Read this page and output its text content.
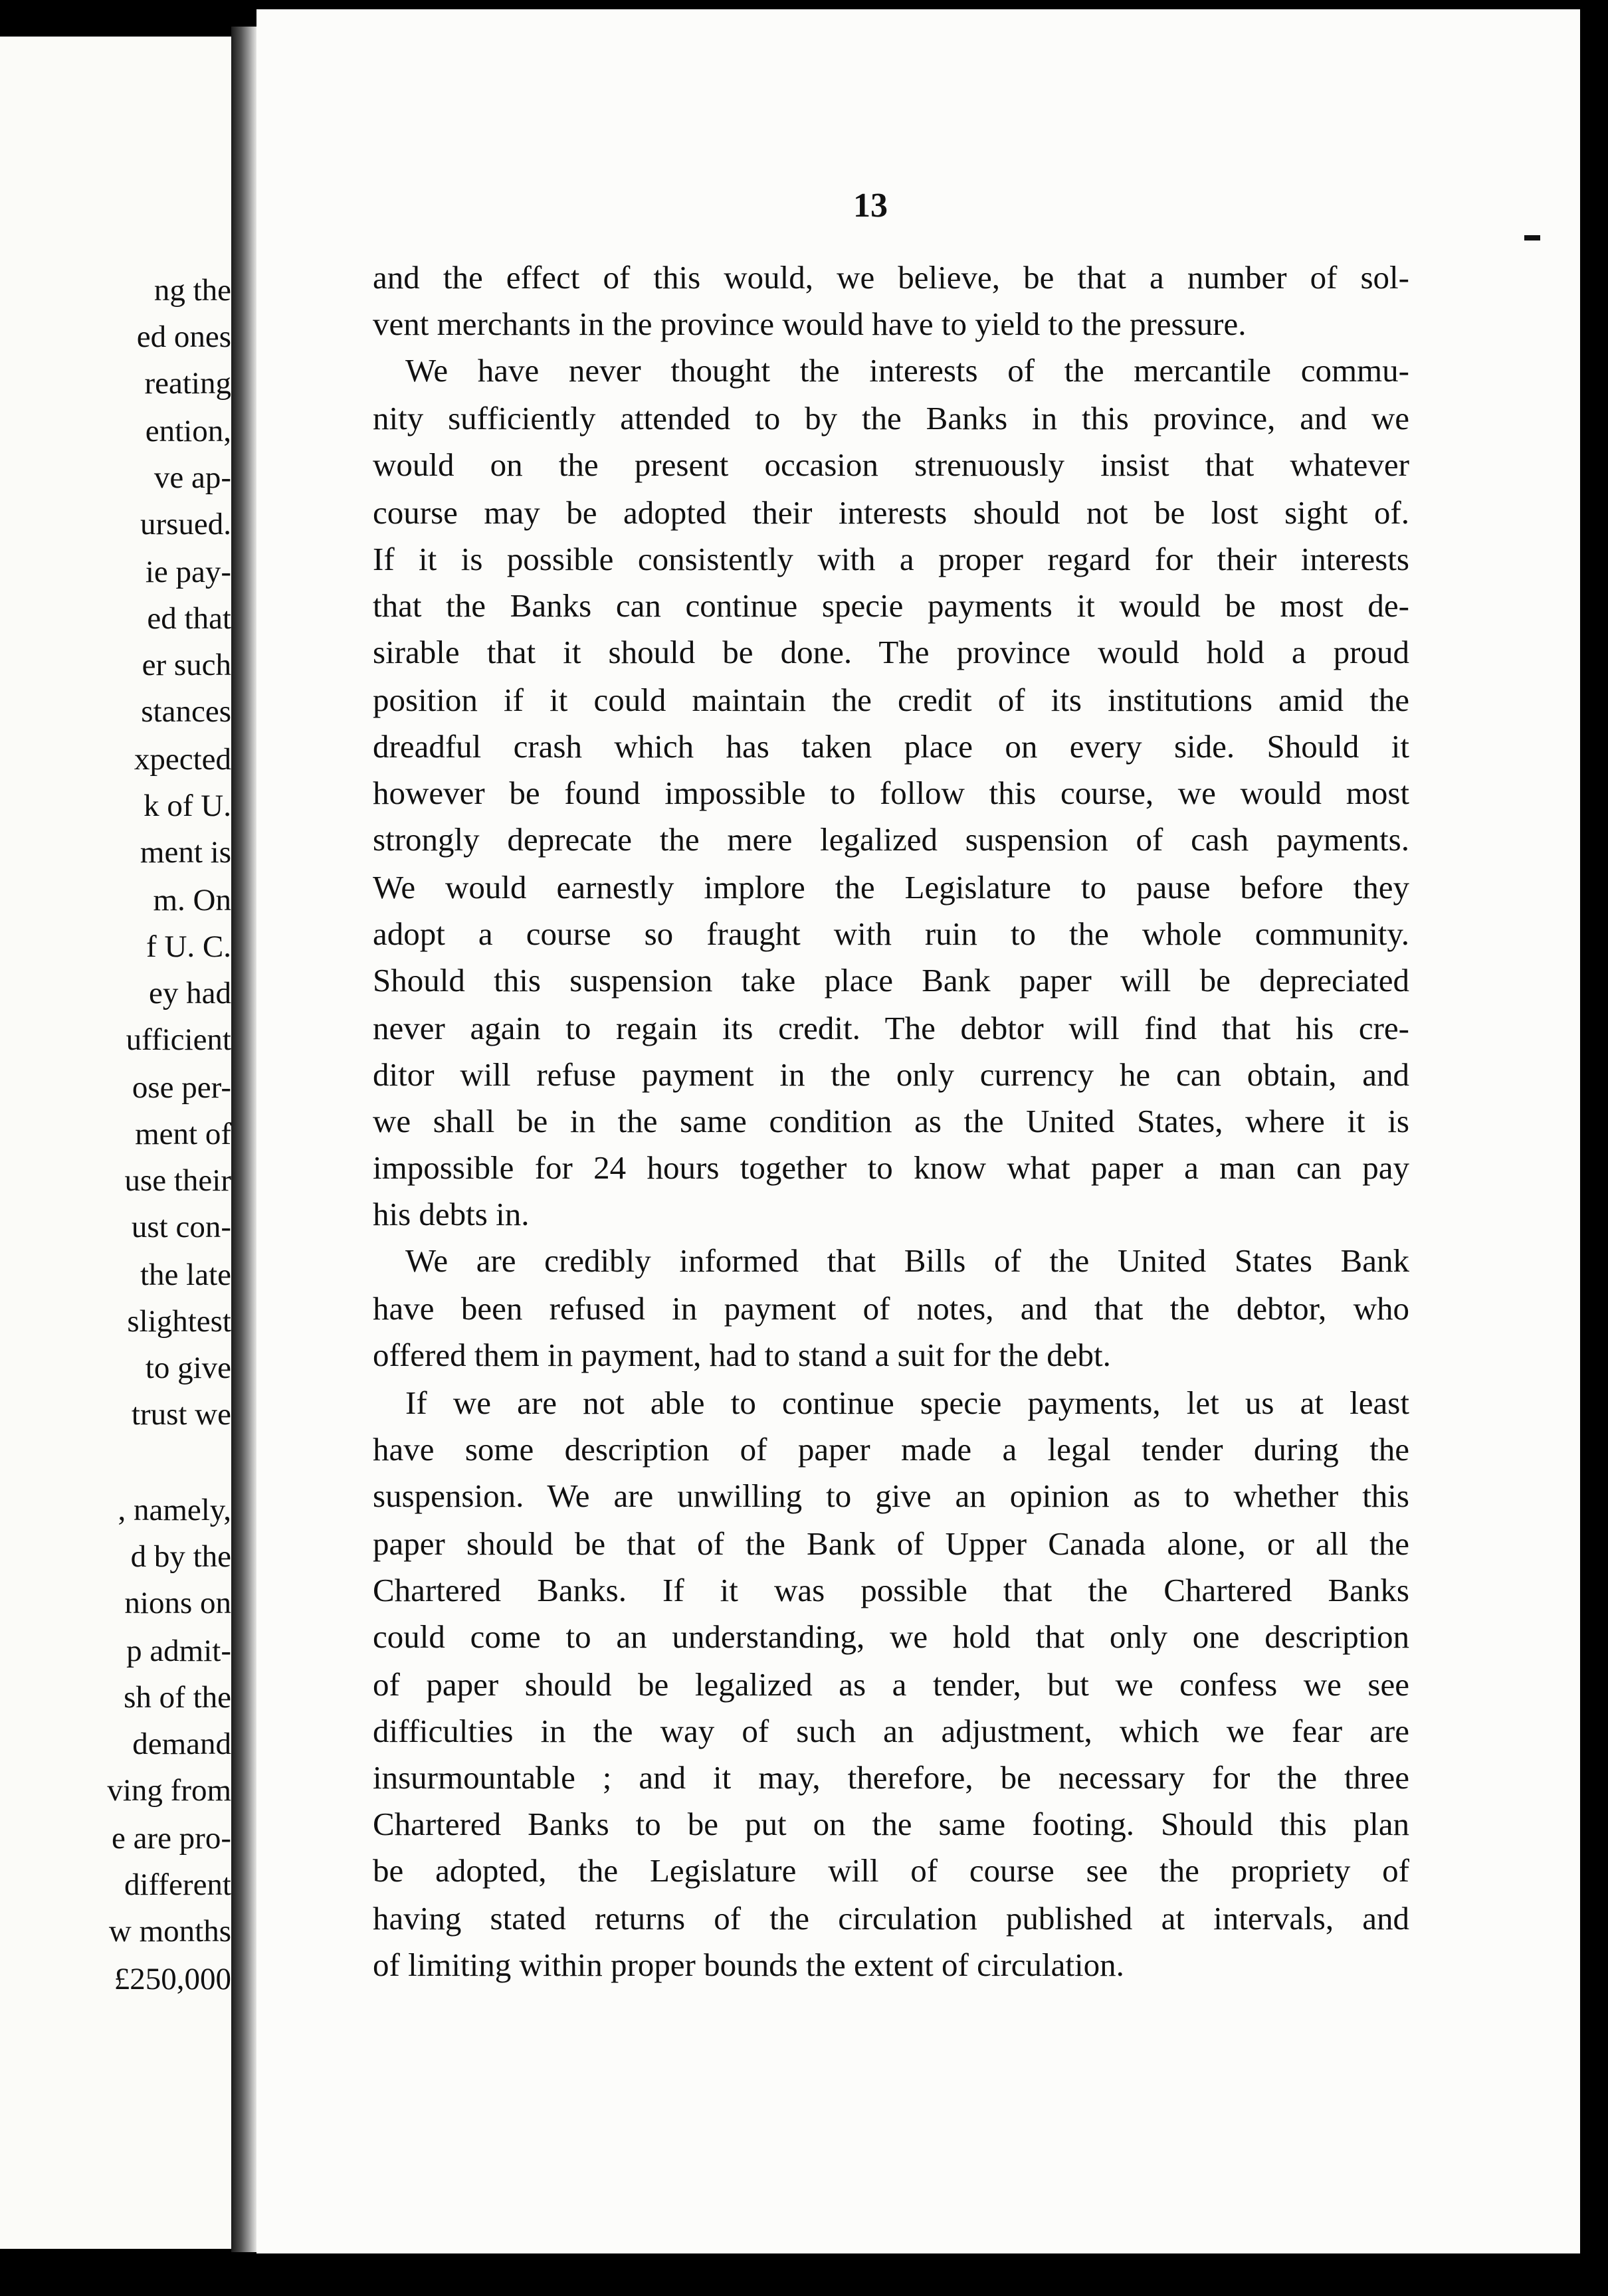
ng the
ed ones
reating
ention,
ve ap-
ursued.
ie pay-
ed that
er such
stances
xpected
k of U.
ment is
m. On
f U. C.
ey had
ufficient
ose per-
ment of
use their
ust con-
the late
slightest
to give
trust we
, namely,
d by the
nions on
p admit-
sh of the
demand
ving from
e are pro-
different
w months
£250,000
13
and the effect of this would, we believe, be that a number of sol-
vent merchants in the province would have to yield to the pressure.
We have never thought the interests of the mercantile commu-
nity sufficiently attended to by the Banks in this province, and we
would on the present occasion strenuously insist that whatever
course may be adopted their interests should not be lost sight of.
If it is possible consistently with a proper regard for their interests
that the Banks can continue specie payments it would be most de-
sirable that it should be done. The province would hold a proud
position if it could maintain the credit of its institutions amid the
dreadful crash which has taken place on every side. Should it
however be found impossible to follow this course, we would most
strongly deprecate the mere legalized suspension of cash payments.
We would earnestly implore the Legislature to pause before they
adopt a course so fraught with ruin to the whole community.
Should this suspension take place Bank paper will be depreciated
never again to regain its credit. The debtor will find that his cre-
ditor will refuse payment in the only currency he can obtain, and
we shall be in the same condition as the United States, where it is
impossible for 24 hours together to know what paper a man can pay
his debts in.
We are credibly informed that Bills of the United States Bank
have been refused in payment of notes, and that the debtor, who
offered them in payment, had to stand a suit for the debt.
If we are not able to continue specie payments, let us at least
have some description of paper made a legal tender during the
suspension. We are unwilling to give an opinion as to whether this
paper should be that of the Bank of Upper Canada alone, or all the
Chartered Banks. If it was possible that the Chartered Banks
could come to an understanding, we hold that only one description
of paper should be legalized as a tender, but we confess we see
difficulties in the way of such an adjustment, which we fear are
insurmountable ; and it may, therefore, be necessary for the three
Chartered Banks to be put on the same footing. Should this plan
be adopted, the Legislature will of course see the propriety of
having stated returns of the circulation published at intervals, and
of limiting within proper bounds the extent of circulation.
